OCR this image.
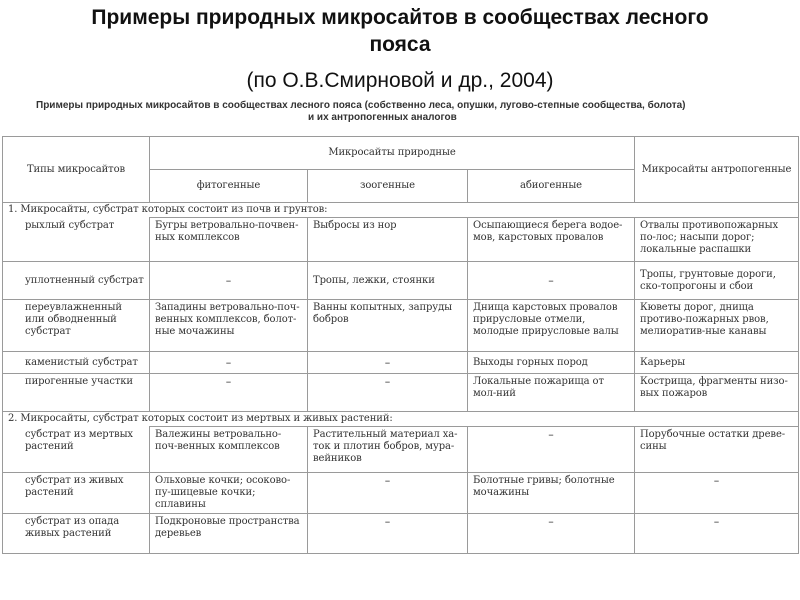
Примеры природных микросайтов в сообществах лесного
пояса
(по О.В.Смирновой и др., 2004)
Примеры природных микросайтов в сообществах лесного пояса (собственно леса, опушки, лугово-степные сообщества, болота)
и их антропогенных аналогов
Типы микросайтов	Микросайты природные			Микросайты антропогенные
	фитогенные	зоогенные	абиогенные	
1. Микросайты, субстрат которых состоит из почв и грунтов:				
рыхлый субстрат	Бугры ветровально-почвен-ных комплексов	Выбросы из нор	Осыпающиеся берега водое-мов, карстовых провалов	Отвалы противопожарных по-лос; насыпи дорог; локальные распашки
уплотненный субстрат	–	Тропы, лежки, стоянки	–	Тропы, грунтовые дороги, ско-топрогоны и сбои
переувлажненный или обводненный субстрат	Западины ветровально-поч-венных комплексов, болот-ные мочажины	Ванны копытных, запруды бобров	Днища карстовых провалов прирусловые отмели, молодые прирусловые валы	Кюветы дорог, днища противо-пожарных рвов, мелиоратив-ные канавы
каменистый субстрат	–	–	Выходы горных пород	Карьеры
пирогенные участки	–	–	Локальные пожарища от мол-ний	Кострища, фрагменты низо-вых пожаров
2. Микросайты, субстрат которых состоит из мертвых и живых растений:				
субстрат из мертвых растений	Валежины ветровально-поч-венных комплексов	Растительный материал ха-ток и плотин бобров, мура-вейников	–	Порубочные остатки древе-сины
субстрат из живых растений	Ольховые кочки; осоково-пу-шицевые кочки; сплавины	–	Болотные гривы; болотные мочажины	–
субстрат из опада живых растений	Подкроновые пространства деревьев	–	–	–
